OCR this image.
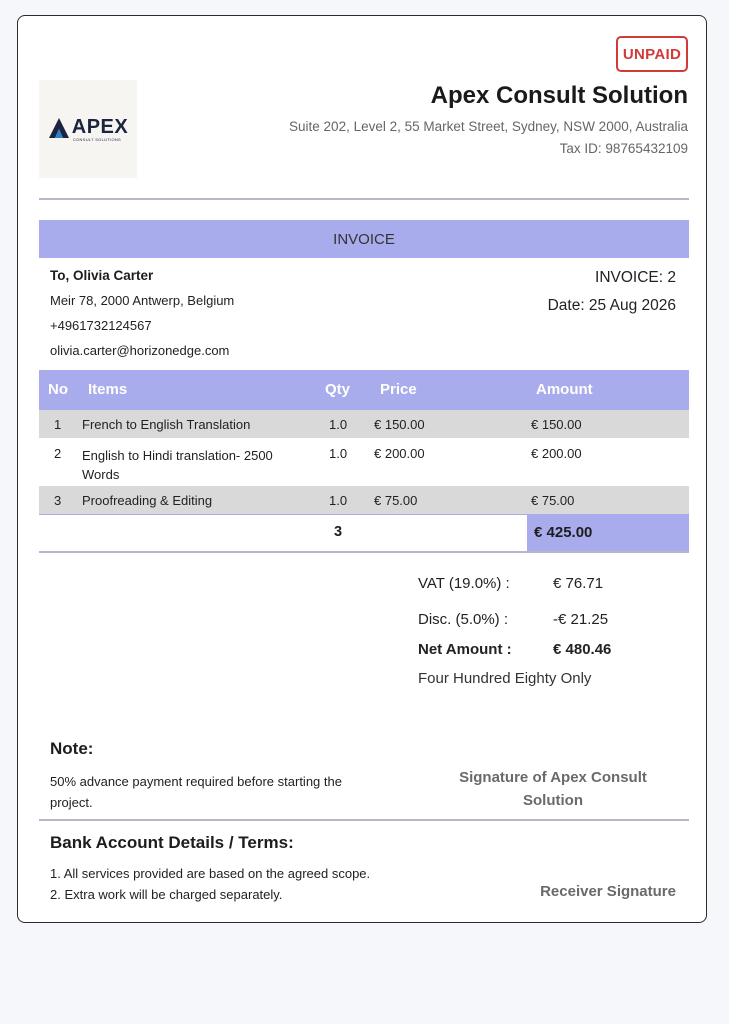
UNPAID
APEX
CONSULT SOLUTIONS
Apex Consult Solution
Suite 202, Level 2, 55 Market Street, Sydney, NSW 2000, Australia
Tax ID: 98765432109
INVOICE
To, Olivia Carter
Meir 78, 2000 Antwerp, Belgium
+4961732124567
olivia.carter@horizonedge.com
INVOICE: 2
Date: 25 Aug 2026
No Items	Qty Price	Amount
1 French to English Translation	1.0 € 150.00	€ 150.00
2 English to Hindi translation- 2500 Words
1.0 € 200.00	€ 200.00
3 Proofreading & Editing	1.0 € 75.00	€ 75.00
3	€ 425.00
VAT (19.0%) :	€ 76.71
Disc. (5.0%) :	-€ 21.25
Net Amount :	€ 480.46
Four Hundred Eighty Only
Note:
50% advance payment required before starting the project.
Signature of Apex Consult Solution
Bank Account Details / Terms:
1. All services provided are based on the agreed scope.
2. Extra work will be charged separately.	Receiver Signature
